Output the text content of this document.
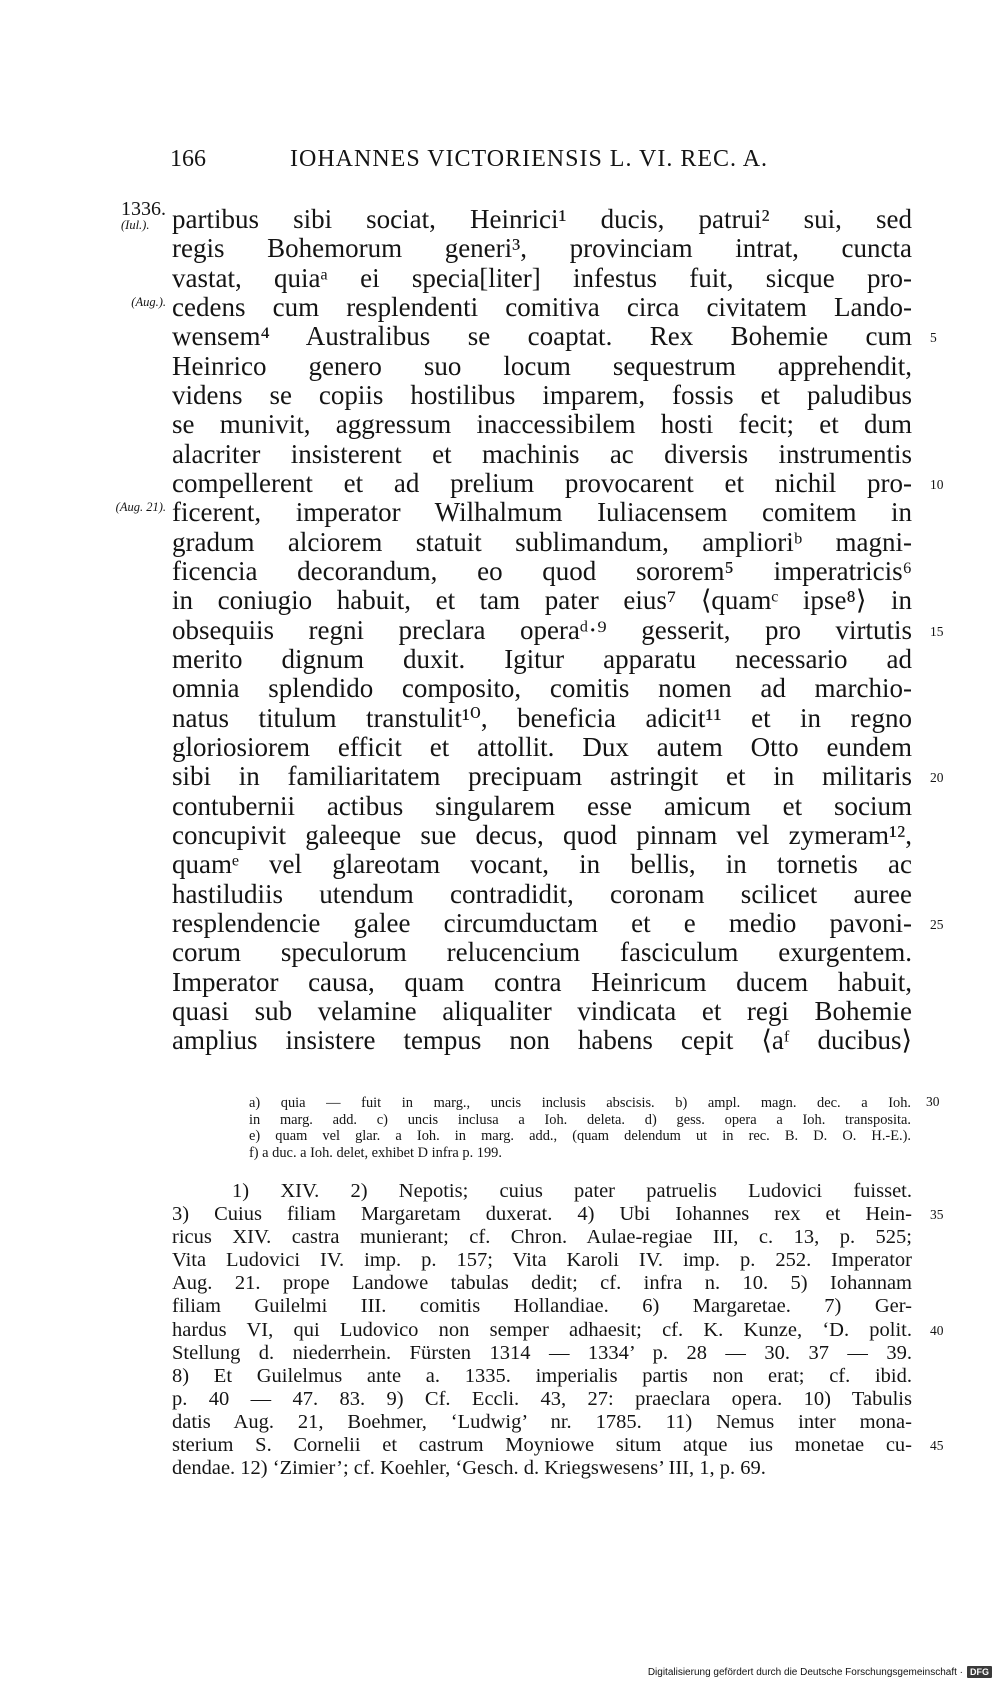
166	IOHANNES VICTORIENSIS L. VI. REC. A.
1336.
(Iul.). partibus sibi sociat, Heinrici¹ ducis, patrui² sui, sed
regis Bohemorum generi³, provinciam intrat, cuncta
vastat, quiaᵃ ei specia[liter] infestus fuit, sicque pro-
(Aug.). cedens cum resplendenti comitiva circa civitatem Lando-
wensem⁴ Australibus se coaptat. Rex Bohemie cum 5
Heinrico genero suo locum sequestrum apprehendit,
videns se copiis hostilibus imparem, fossis et paludibus
se munivit, aggressum inaccessibilem hosti fecit; et dum
alacriter insisterent et machinis ac diversis instrumentis
compellerent et ad prelium provocarent et nichil pro- 10
(Aug. 21). ficerent, imperator Wilhalmum Iuliacensem comitem in
gradum alciorem statuit sublimandum, amplioriᵇ magni-
ficencia decorandum, eo quod sororem⁵ imperatricis⁶
in coniugio habuit, et tam pater eius⁷ ⟨quamᶜ ipse⁸⟩ in
obsequiis regni preclara operaᵈ·⁹ gesserit, pro virtutis 15
merito dignum duxit. Igitur apparatu necessario ad
omnia splendido composito, comitis nomen ad marchio-
natus titulum transtulit¹⁰, beneficia adicit¹¹ et in regno
gloriosiorem efficit et attollit. Dux autem Otto eundem
sibi in familiaritatem precipuam astringit et in militaris 20
contubernii actibus singularem esse amicum et socium
concupivit galeeque sue decus, quod pinnam vel zymeram¹²,
quamᵉ vel glareotam vocant, in bellis, in tornetis ac
hastiludiis utendum contradidit, coronam scilicet auree
resplendencie galee circumductam et e medio pavoni- 25
corum speculorum relucencium fasciculum exurgentem.
Imperator causa, quam contra Heinricum ducem habuit,
quasi sub velamine aliqualiter vindicata et regi Bohemie
amplius insistere tempus non habens cepit ⟨aᶠ ducibus⟩
a) quia — fuit in marg., uncis inclusis abscisis. b) ampl. magn. dec. a Ioh. 30
in marg. add. c) uncis inclusa a Ioh. deleta. d) gess. opera a Ioh. transposita.
e) quam vel glar. a Ioh. in marg. add., (quam delendum ut in rec. B. D. O. H.-E.).
f) a duc. a Ioh. delet, exhibet D infra p. 199.
1) XIV. 2) Nepotis; cuius pater patruelis Ludovici fuisset.
3) Cuius filiam Margaretam duxerat. 4) Ubi Iohannes rex et Hein- 35
ricus XIV. castra munierant; cf. Chron. Aulae-regiae III, c. 13, p. 525;
Vita Ludovici IV. imp. p. 157; Vita Karoli IV. imp. p. 252. Imperator
Aug. 21. prope Landowe tabulas dedit; cf. infra n. 10. 5) Iohannam
filiam Guilelmi III. comitis Hollandiae. 6) Margaretae. 7) Ger-
hardus VI, qui Ludovico non semper adhaesit; cf. K. Kunze, ‘D. polit. 40
Stellung d. niederrhein. Fürsten 1314 — 1334’ p. 28 — 30. 37 — 39.
8) Et Guilelmus ante a. 1335. imperialis partis non erat; cf. ibid.
p. 40 — 47. 83. 9) Cf. Eccli. 43, 27: praeclara opera. 10) Tabulis
datis Aug. 21, Boehmer, ‘Ludwig’ nr. 1785. 11) Nemus inter mona-
sterium S. Cornelii et castrum Moyniowe situm atque ius monetae cu- 45
dendae. 12) ‘Zimier’; cf. Koehler, ‘Gesch. d. Kriegswesens’ III, 1, p. 69.
Digitalisierung gefördert durch die Deutsche Forschungsgemeinschaft · DFG
